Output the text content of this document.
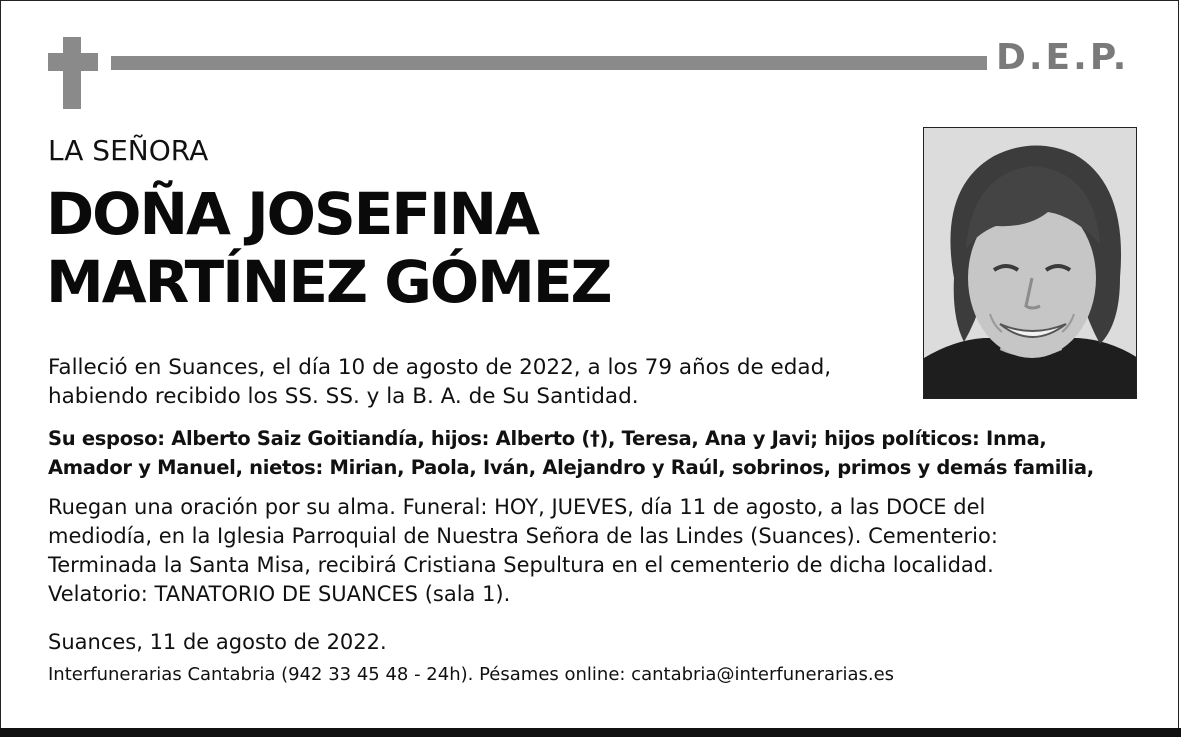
D.E.P.
LA SEÑORA
DOÑA JOSEFINA
MARTÍNEZ GÓMEZ
Falleció en Suances, el día 10 de agosto de 2022, a los 79 años de edad,
habiendo recibido los SS. SS. y la B. A. de Su Santidad.
Su esposo: Alberto Saiz Goitiandía, hijos: Alberto (†), Teresa, Ana y Javi; hijos políticos: Inma,
Amador y Manuel, nietos: Mirian, Paola, Iván, Alejandro y Raúl, sobrinos, primos y demás familia,
Ruegan una oración por su alma. Funeral: HOY, JUEVES, día 11 de agosto, a las DOCE del
mediodía, en la Iglesia Parroquial de Nuestra Señora de las Lindes (Suances). Cementerio:
Terminada la Santa Misa, recibirá Cristiana Sepultura en el cementerio de dicha localidad.
Velatorio: TANATORIO DE SUANCES (sala 1).
Suances, 11 de agosto de 2022.
Interfunerarias Cantabria (942 33 45 48 - 24h). Pésames online: cantabria@interfunerarias.es
